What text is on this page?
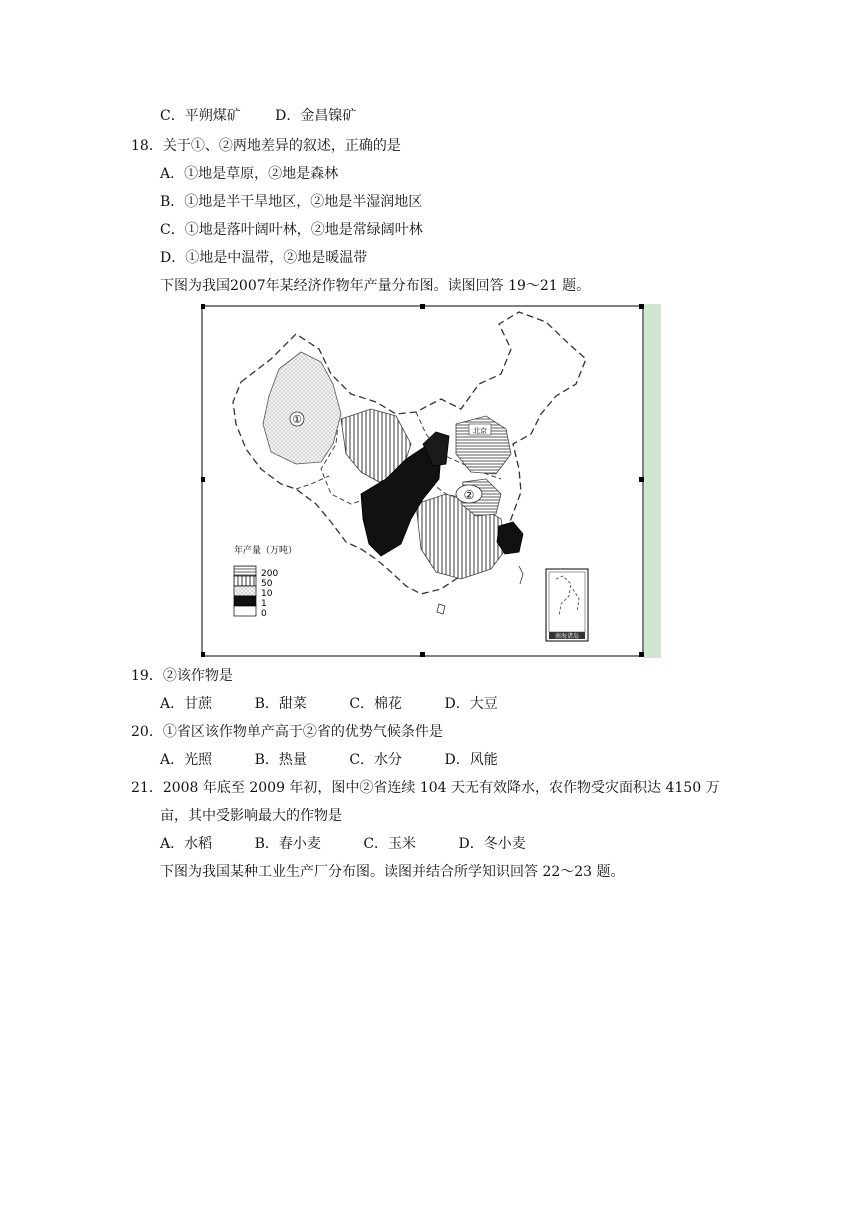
C．平朔煤矿 D．金昌镍矿
18．关于①、②两地差异的叙述，正确的是
A．①地是草原，②地是森林
B．①地是半干旱地区，②地是半湿润地区
C．①地是落叶阔叶林，②地是常绿阔叶林
D．①地是中温带，②地是暖温带
下图为我国2007年某经济作物年产量分布图。读图回答 19～21 题。
①
北京
②
年产量（万吨）
200
50
10
1
0
南海诸岛
19．②该作物是
A．甘蔗	B．甜菜	C．棉花	D．大豆
20．①省区该作物单产高于②省的优势气候条件是
A．光照	B．热量	C．水分	D．风能
21．2008 年底至 2009 年初，图中②省连续 104 天无有效降水，农作物受灾面积达 4150 万
亩，其中受影响最大的作物是
A．水稻	B．春小麦	C．玉米	D．冬小麦
下图为我国某种工业生产厂分布图。读图并结合所学知识回答 22～23 题。
